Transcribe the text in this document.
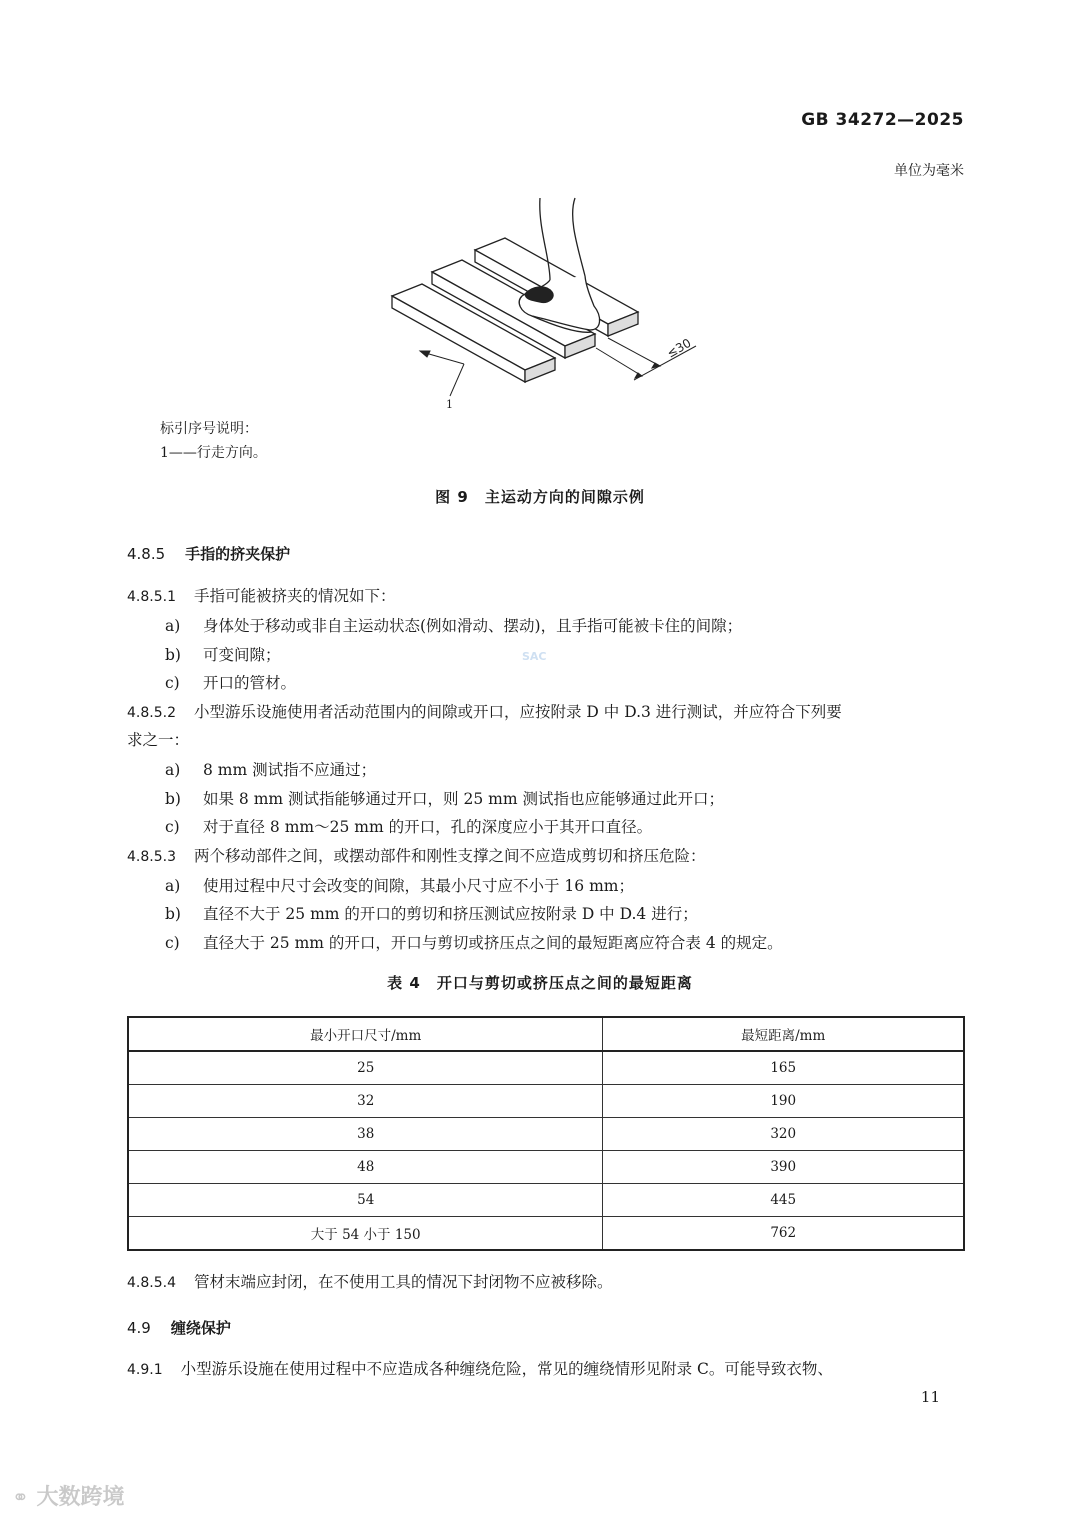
GB 34272—2025
单位为毫米
≤30
1
标引序号说明：
1——行走方向。
图 9　主运动方向的间隙示例
4.8.5 手指的挤夹保护
4.8.5.1 手指可能被挤夹的情况如下：
a) 身体处于移动或非自主运动状态(例如滑动、摆动)，且手指可能被卡住的间隙；
b) 可变间隙；
c) 开口的管材。
4.8.5.2 小型游乐设施使用者活动范围内的间隙或开口，应按附录 D 中 D.3 进行测试，并应符合下列要
求之一：
a) 8 mm 测试指不应通过；
b) 如果 8 mm 测试指能够通过开口，则 25 mm 测试指也应能够通过此开口；
c) 对于直径 8 mm～25 mm 的开口，孔的深度应小于其开口直径。
4.8.5.3 两个移动部件之间，或摆动部件和刚性支撑之间不应造成剪切和挤压危险：
a) 使用过程中尺寸会改变的间隙，其最小尺寸应不小于 16 mm；
b) 直径不大于 25 mm 的开口的剪切和挤压测试应按附录 D 中 D.4 进行；
c) 直径大于 25 mm 的开口，开口与剪切或挤压点之间的最短距离应符合表 4 的规定。
表 4　开口与剪切或挤压点之间的最短距离
最小开口尺寸/mm	最短距离/mm
25	165
32	190
38	320
48	390
54	445
大于 54 小于 150	762
4.8.5.4 管材末端应封闭，在不使用工具的情况下封闭物不应被移除。
4.9 缠绕保护
4.9.1 小型游乐设施在使用过程中不应造成各种缠绕危险，常见的缠绕情形见附录 C。可能导致衣物、
11
SAC
⚭ 大数跨境
